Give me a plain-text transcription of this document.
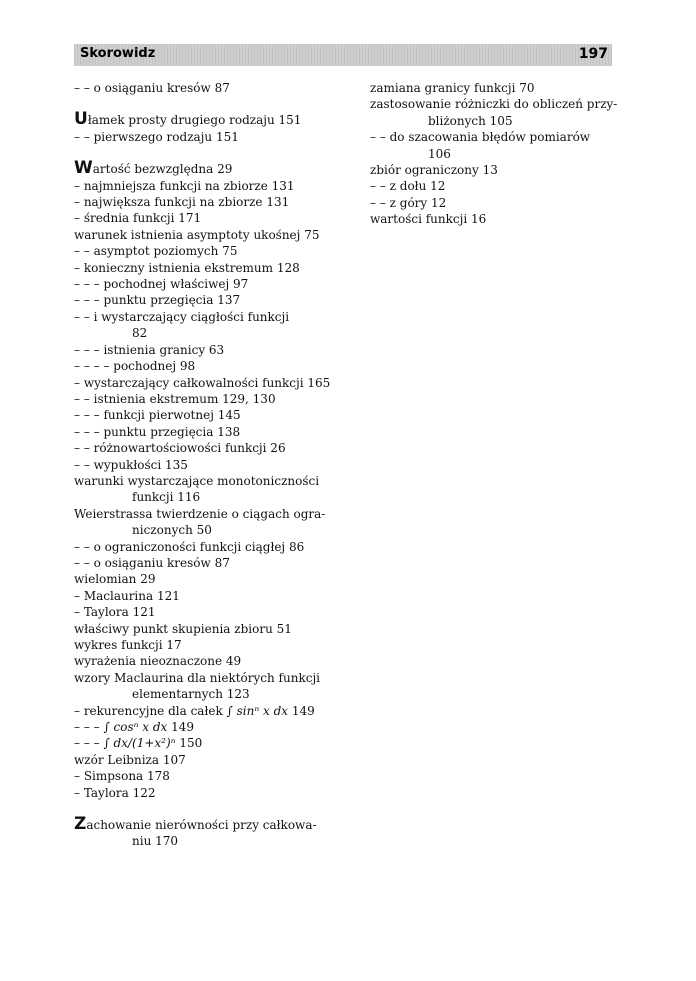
Skorowidz	197
– – o osiąganiu kresów 87
Ułamek prosty drugiego rodzaju 151
– – pierwszego rodzaju 151
Wartość bezwzględna 29
– najmniejsza funkcji na zbiorze 131
– największa funkcji na zbiorze 131
– średnia funkcji 171
warunek istnienia asymptoty ukośnej 75
– – asymptot poziomych 75
– konieczny istnienia ekstremum 128
– – – pochodnej właściwej 97
– – – punktu przegięcia 137
– – i wystarczający ciągłości funkcji
82
– – – istnienia granicy 63
– – – – pochodnej 98
– wystarczający całkowalności funkcji 165
– – istnienia ekstremum 129, 130
– – – funkcji pierwotnej 145
– – – punktu przegięcia 138
– – różnowartościowości funkcji 26
– – wypukłości 135
warunki wystarczające monotoniczności
funkcji 116
Weierstrassa twierdzenie o ciągach ogra-
niczonych 50
– – o ograniczoności funkcji ciągłej 86
– – o osiąganiu kresów 87
wielomian 29
– Maclaurina 121
– Taylora 121
właściwy punkt skupienia zbioru 51
wykres funkcji 17
wyrażenia nieoznaczone 49
wzory Maclaurina dla niektórych funkcji
elementarnych 123
– rekurencyjne dla całek ∫ sinⁿ x dx 149
– – – ∫ cosⁿ x dx 149
– – – ∫ dx/(1+x²)ⁿ 150
wzór Leibniza 107
– Simpsona 178
– Taylora 122
Zachowanie nierówności przy całkowa-
niu 170
zamiana granicy funkcji 70
zastosowanie różniczki do obliczeń przy-
bliżonych 105
– – do szacowania błędów pomiarów
106
zbiór ograniczony 13
– – z dołu 12
– – z góry 12
wartości funkcji 16
